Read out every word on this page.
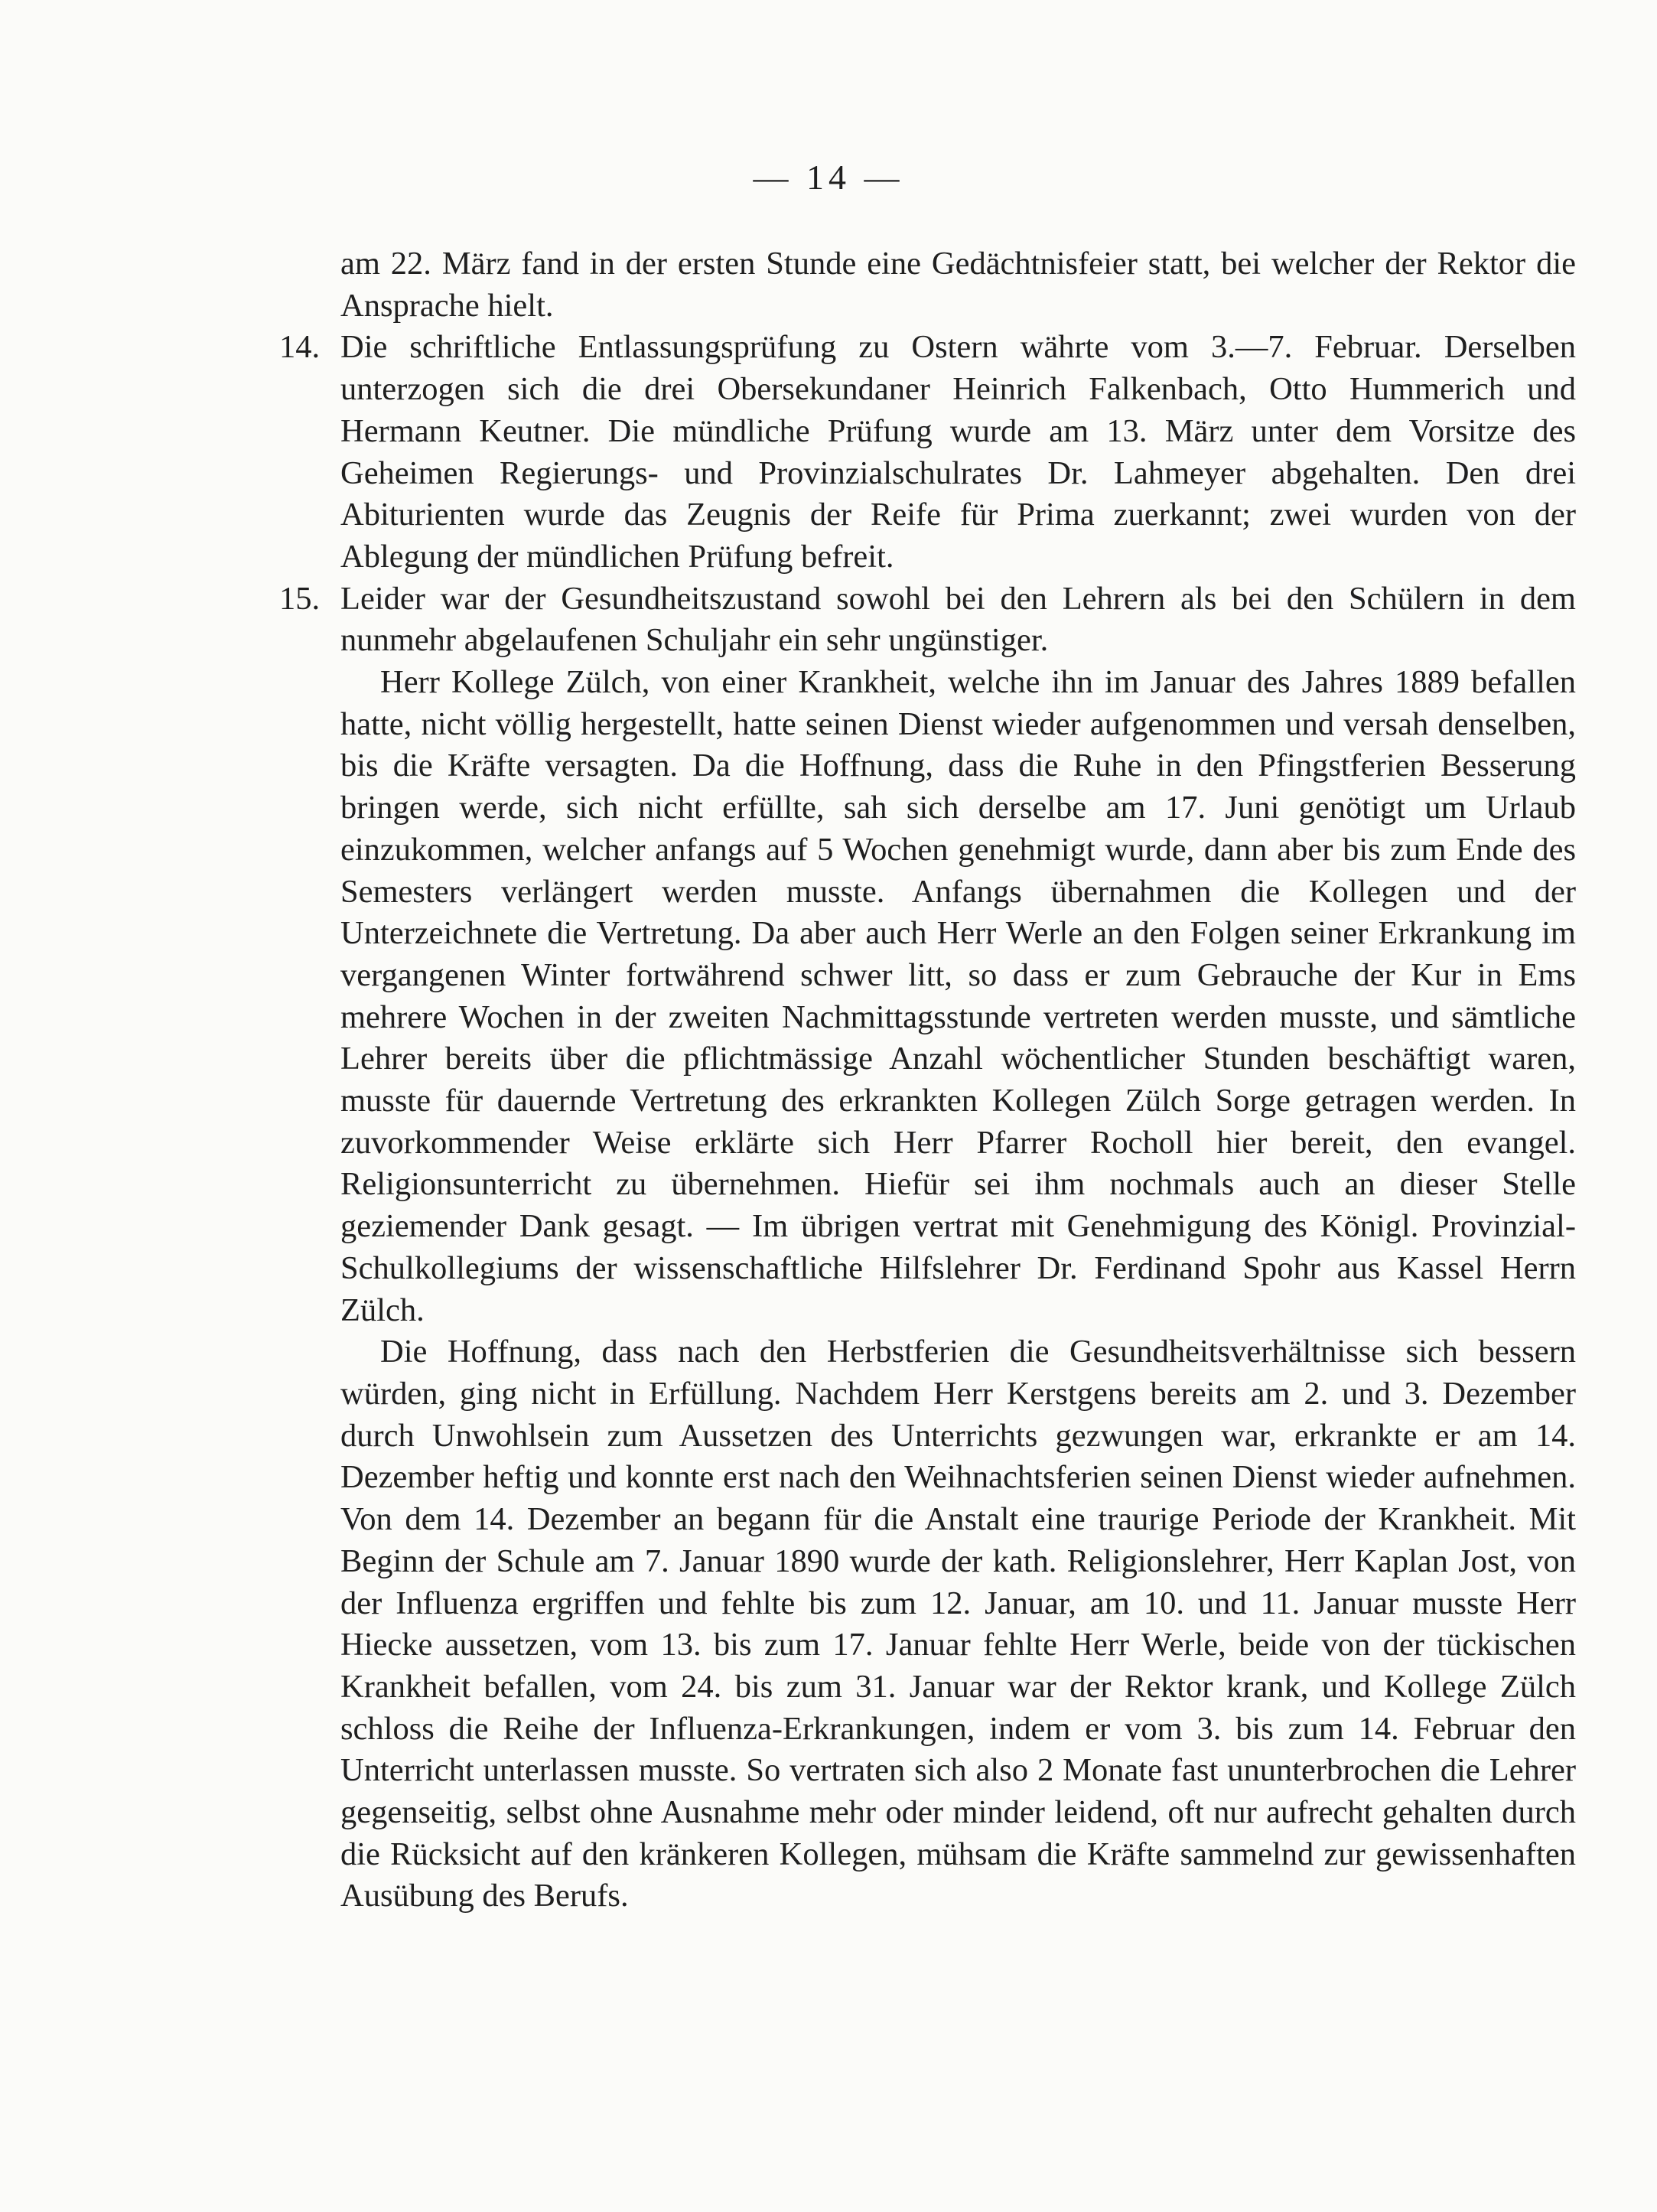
— 14 —

am 22. März fand in der ersten Stunde eine Gedächtnisfeier statt, bei welcher der Rektor die Ansprache hielt.

14. Die schriftliche Entlassungsprüfung zu Ostern währte vom 3.—7. Februar. Derselben unterzogen sich die drei Obersekundaner Heinrich Falkenbach, Otto Hummerich und Hermann Keutner. Die mündliche Prüfung wurde am 13. März unter dem Vorsitze des Geheimen Regierungs- und Provinzialschulrates Dr. Lahmeyer abgehalten. Den drei Abiturienten wurde das Zeugnis der Reife für Prima zuerkannt; zwei wurden von der Ablegung der mündlichen Prüfung befreit.

15. Leider war der Gesundheitszustand sowohl bei den Lehrern als bei den Schülern in dem nunmehr abgelaufenen Schuljahr ein sehr ungünstiger.

Herr Kollege Zülch, von einer Krankheit, welche ihn im Januar des Jahres 1889 befallen hatte, nicht völlig hergestellt, hatte seinen Dienst wieder aufgenommen und versah denselben, bis die Kräfte versagten. Da die Hoffnung, dass die Ruhe in den Pfingstferien Besserung bringen werde, sich nicht erfüllte, sah sich derselbe am 17. Juni genötigt um Urlaub einzukommen, welcher anfangs auf 5 Wochen genehmigt wurde, dann aber bis zum Ende des Semesters verlängert werden musste. Anfangs übernahmen die Kollegen und der Unterzeichnete die Vertretung. Da aber auch Herr Werle an den Folgen seiner Erkrankung im vergangenen Winter fortwährend schwer litt, so dass er zum Gebrauche der Kur in Ems mehrere Wochen in der zweiten Nachmittagsstunde vertreten werden musste, und sämtliche Lehrer bereits über die pflichtmässige Anzahl wöchentlicher Stunden beschäftigt waren, musste für dauernde Vertretung des erkrankten Kollegen Zülch Sorge getragen werden. In zuvorkommender Weise erklärte sich Herr Pfarrer Rocholl hier bereit, den evangel. Religionsunterricht zu übernehmen. Hiefür sei ihm nochmals auch an dieser Stelle geziemender Dank gesagt. — Im übrigen vertrat mit Genehmigung des Königl. Provinzial-Schulkollegiums der wissenschaftliche Hilfslehrer Dr. Ferdinand Spohr aus Kassel Herrn Zülch.

Die Hoffnung, dass nach den Herbstferien die Gesundheitsverhältnisse sich bessern würden, ging nicht in Erfüllung. Nachdem Herr Kerstgens bereits am 2. und 3. Dezember durch Unwohlsein zum Aussetzen des Unterrichts gezwungen war, erkrankte er am 14. Dezember heftig und konnte erst nach den Weihnachtsferien seinen Dienst wieder aufnehmen. Von dem 14. Dezember an begann für die Anstalt eine traurige Periode der Krankheit. Mit Beginn der Schule am 7. Januar 1890 wurde der kath. Religionslehrer, Herr Kaplan Jost, von der Influenza ergriffen und fehlte bis zum 12. Januar, am 10. und 11. Januar musste Herr Hiecke aussetzen, vom 13. bis zum 17. Januar fehlte Herr Werle, beide von der tückischen Krankheit befallen, vom 24. bis zum 31. Januar war der Rektor krank, und Kollege Zülch schloss die Reihe der Influenza-Erkrankungen, indem er vom 3. bis zum 14. Februar den Unterricht unterlassen musste. So vertraten sich also 2 Monate fast ununterbrochen die Lehrer gegenseitig, selbst ohne Ausnahme mehr oder minder leidend, oft nur aufrecht gehalten durch die Rücksicht auf den kränkeren Kollegen, mühsam die Kräfte sammelnd zur gewissenhaften Ausübung des Berufs.
